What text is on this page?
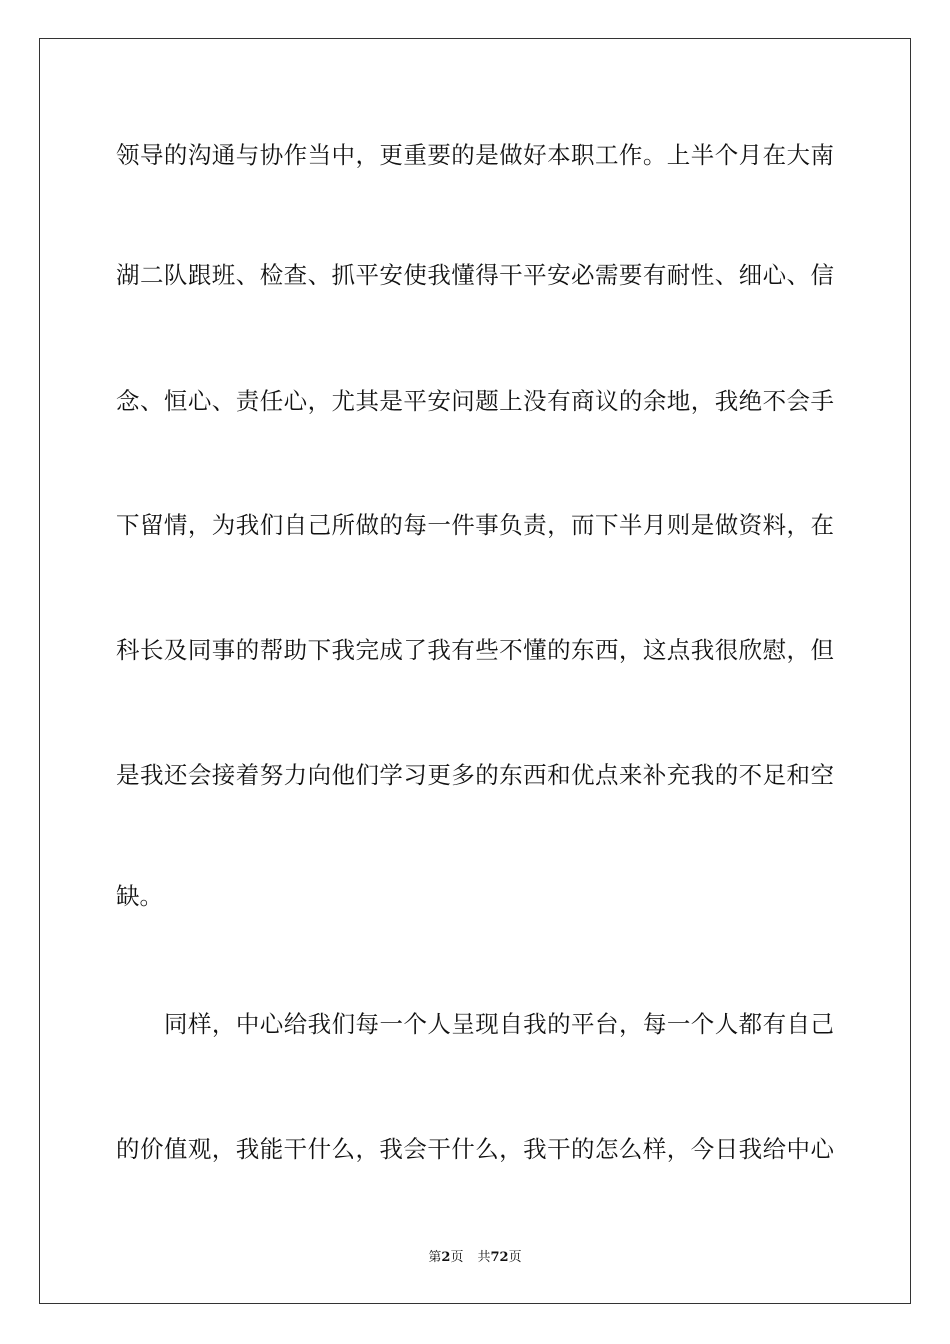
领导的沟通与协作当中，更重要的是做好本职工作。上半个月在大南
湖二队跟班、检查、抓平安使我懂得干平安必需要有耐性、细心、信
念、恒心、责任心，尤其是平安问题上没有商议的余地，我绝不会手
下留情，为我们自己所做的每一件事负责，而下半月则是做资料，在
科长及同事的帮助下我完成了我有些不懂的东西，这点我很欣慰，但
是我还会接着努力向他们学习更多的东西和优点来补充我的不足和空
缺。
同样，中心给我们每一个人呈现自我的平台，每一个人都有自己
的价值观，我能干什么，我会干什么，我干的怎么样，今日我给中心
第2页 共72页
